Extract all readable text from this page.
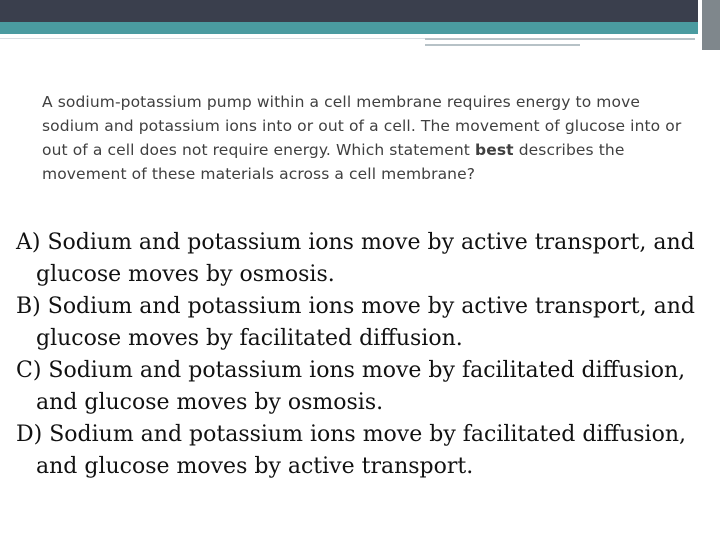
A sodium-potassium pump within a cell membrane requires energy to move sodium and potassium ions into or out of a cell. The movement of glucose into or out of a cell does not require energy. Which statement best describes the movement of these materials across a cell membrane?

A) Sodium and potassium ions move by active transport, and glucose moves by osmosis.
B) Sodium and potassium ions move by active transport, and glucose moves by facilitated diffusion.
C) Sodium and potassium ions move by facilitated diffusion, and glucose moves by osmosis.
D) Sodium and potassium ions move by facilitated diffusion, and glucose moves by active transport.
